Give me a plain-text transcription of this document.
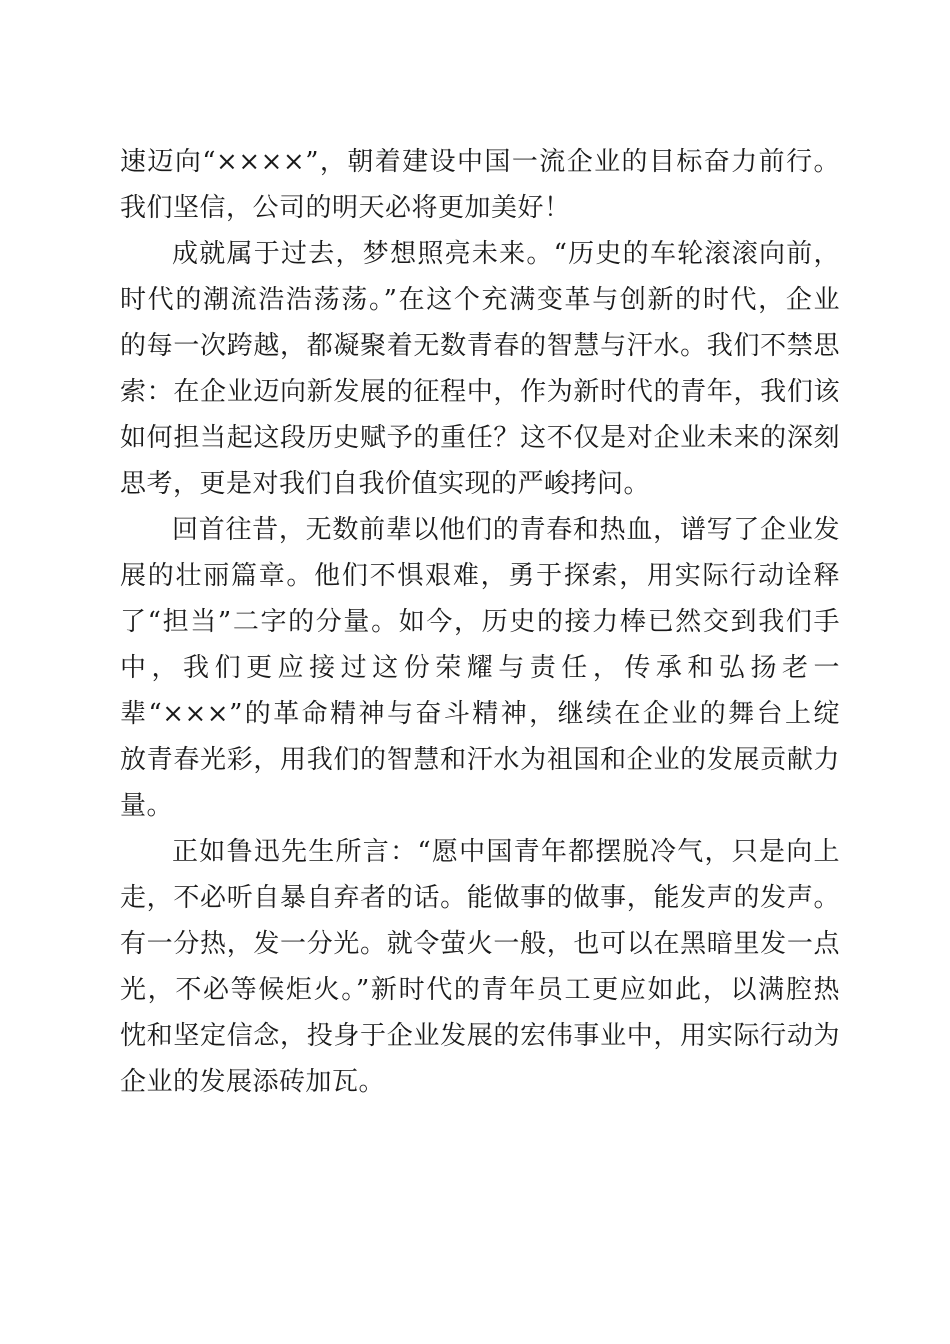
速迈向“××××”，朝着建设中国一流企业的目标奋力前行。
我们坚信，公司的明天必将更加美好！
成就属于过去，梦想照亮未来。“历史的车轮滚滚向前，
时代的潮流浩浩荡荡。”在这个充满变革与创新的时代，企业
的每一次跨越，都凝聚着无数青春的智慧与汗水。我们不禁思
索：在企业迈向新发展的征程中，作为新时代的青年，我们该
如何担当起这段历史赋予的重任？这不仅是对企业未来的深刻
思考，更是对我们自我价值实现的严峻拷问。
回首往昔，无数前辈以他们的青春和热血，谱写了企业发
展的壮丽篇章。他们不惧艰难，勇于探索，用实际行动诠释
了“担当”二字的分量。如今，历史的接力棒已然交到我们手
中，我们更应接过这份荣耀与责任，传承和弘扬老一
辈“×××”的革命精神与奋斗精神，继续在企业的舞台上绽
放青春光彩，用我们的智慧和汗水为祖国和企业的发展贡献力
量。
正如鲁迅先生所言：“愿中国青年都摆脱冷气，只是向上
走，不必听自暴自弃者的话。能做事的做事，能发声的发声。
有一分热，发一分光。就令萤火一般，也可以在黑暗里发一点
光，不必等候炬火。”新时代的青年员工更应如此，以满腔热
忱和坚定信念，投身于企业发展的宏伟事业中，用实际行动为
企业的发展添砖加瓦。
